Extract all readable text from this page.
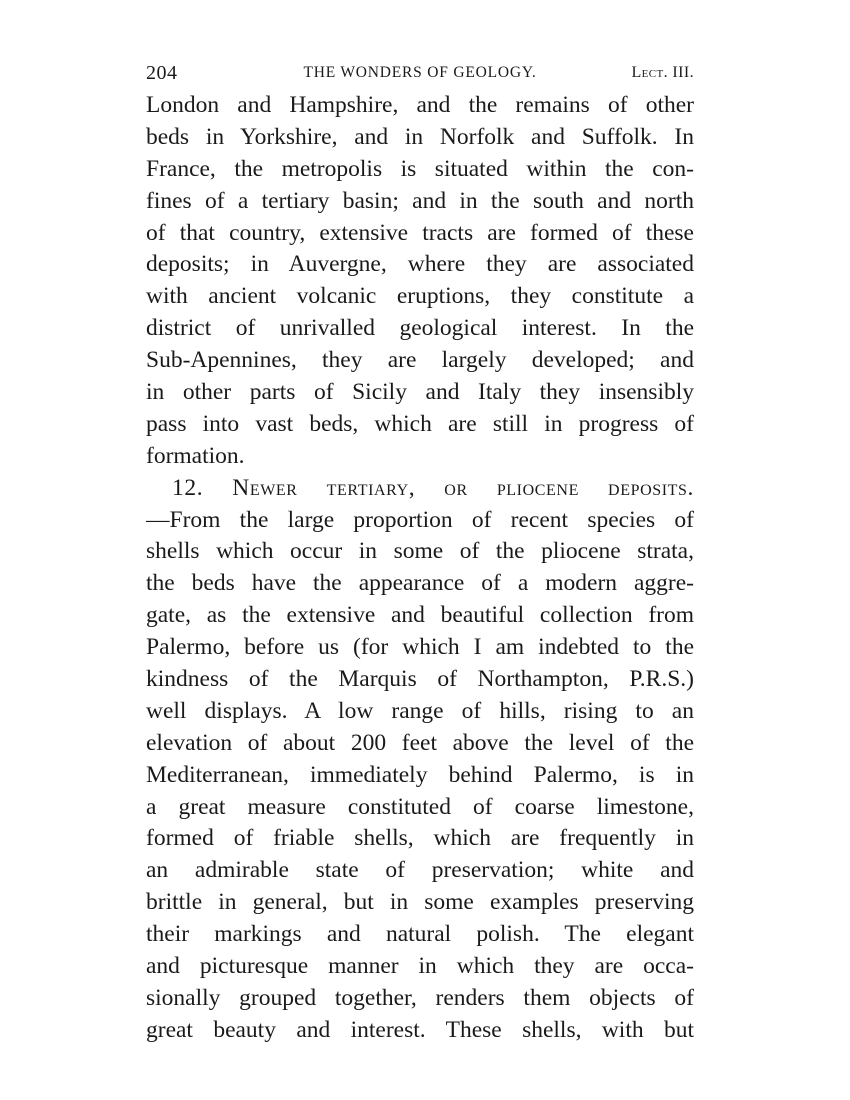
204	THE WONDERS OF GEOLOGY.	Lect. III.
London and Hampshire, and the remains of other
beds in Yorkshire, and in Norfolk and Suffolk. In
France, the metropolis is situated within the con-
fines of a tertiary basin; and in the south and north
of that country, extensive tracts are formed of these
deposits; in Auvergne, where they are associated
with ancient volcanic eruptions, they constitute a
district of unrivalled geological interest. In the
Sub-Apennines, they are largely developed; and
in other parts of Sicily and Italy they insensibly
pass into vast beds, which are still in progress of
formation.
12. Newer tertiary, or pliocene deposits.
—From the large proportion of recent species of
shells which occur in some of the pliocene strata,
the beds have the appearance of a modern aggre-
gate, as the extensive and beautiful collection from
Palermo, before us (for which I am indebted to the
kindness of the Marquis of Northampton, P.R.S.)
well displays. A low range of hills, rising to an
elevation of about 200 feet above the level of the
Mediterranean, immediately behind Palermo, is in
a great measure constituted of coarse limestone,
formed of friable shells, which are frequently in
an admirable state of preservation; white and
brittle in general, but in some examples preserving
their markings and natural polish. The elegant
and picturesque manner in which they are occa-
sionally grouped together, renders them objects of
great beauty and interest. These shells, with but
